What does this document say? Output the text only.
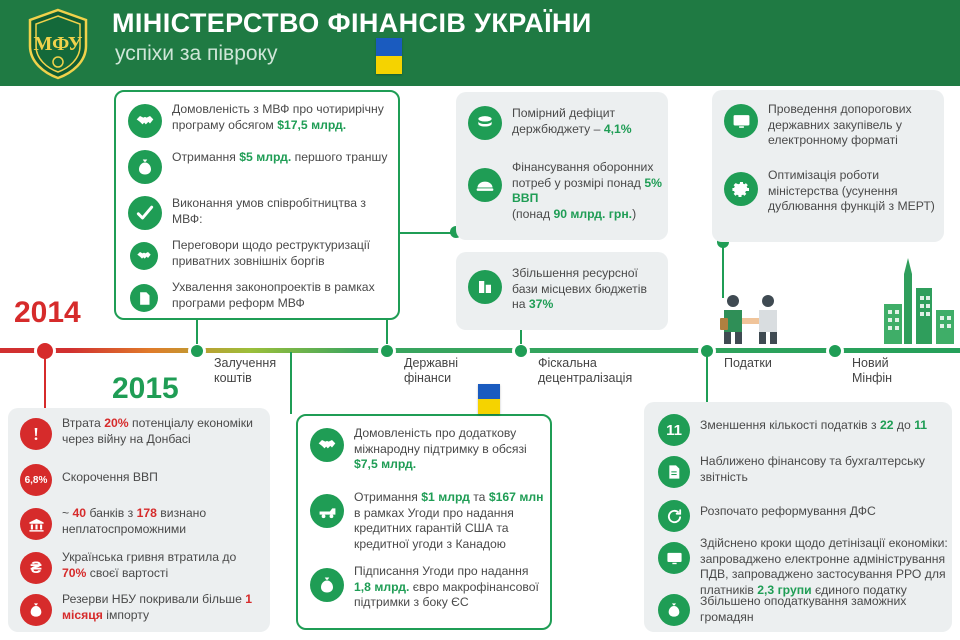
МФУ
МІНІСТЕРСТВО ФІНАНСІВ УКРАЇНИ
успіхи за півроку
2014
2015
Залучення
коштів
Державні
фінанси
Фіскальна
децентралізація
Податки	Новий
Мінфін
Домовленість з МВФ про чотирирічну програму обсягом $17,5 млрд.
Отримання $5 млрд. першого траншу
Виконання умов співробітництва з МВФ:
Переговори щодо реструктуризації приватних зовнішніх боргів
Ухвалення законопроектів в рамках програми реформ МВФ
Помірний дефіцит держбюджету – 4,1%
Фінансування оборонних потреб у розмірі понад 5% ВВП
(понад 90 млрд. грн.)
Збільшення ресурсної бази місцевих бюджетів на 37%
Проведення допорогових державних закупівель у електронному форматі
Оптимізація роботи міністерства (усунення дублювання функцій з МЕРТ)
Втрата 20% потенціалу економіки через війну на Донбасі
6,8% Скорочення ВВП
~ 40 банків з 178 визнано неплатоспроможними
₴
Українська гривня втратила до 70% своєї вартості
Резерви НБУ покривали більше 1 місяця імпорту
Домовленість про додаткову міжнародну підтримку в обсязі $7,5 млрд.
Отримання $1 млрд та $167 млн в рамках Угоди про надання кредитних гарантій США та кредитної угоди з Канадою
Підписання Угоди про надання 1,8 млрд. євро макрофінансової підтримки з боку ЄС
11 Зменшення кількості податків з 22 до 11
Наближено фінансову та бухгалтерську звітність
Розпочато реформування ДФС
Здійснено кроки щодо детінізації економіки: запроваджено електронне адміністрування ПДВ, запроваджено застосування РРО для платників 2,3 групи єдиного податку
Збільшено оподаткування заможних громадян
